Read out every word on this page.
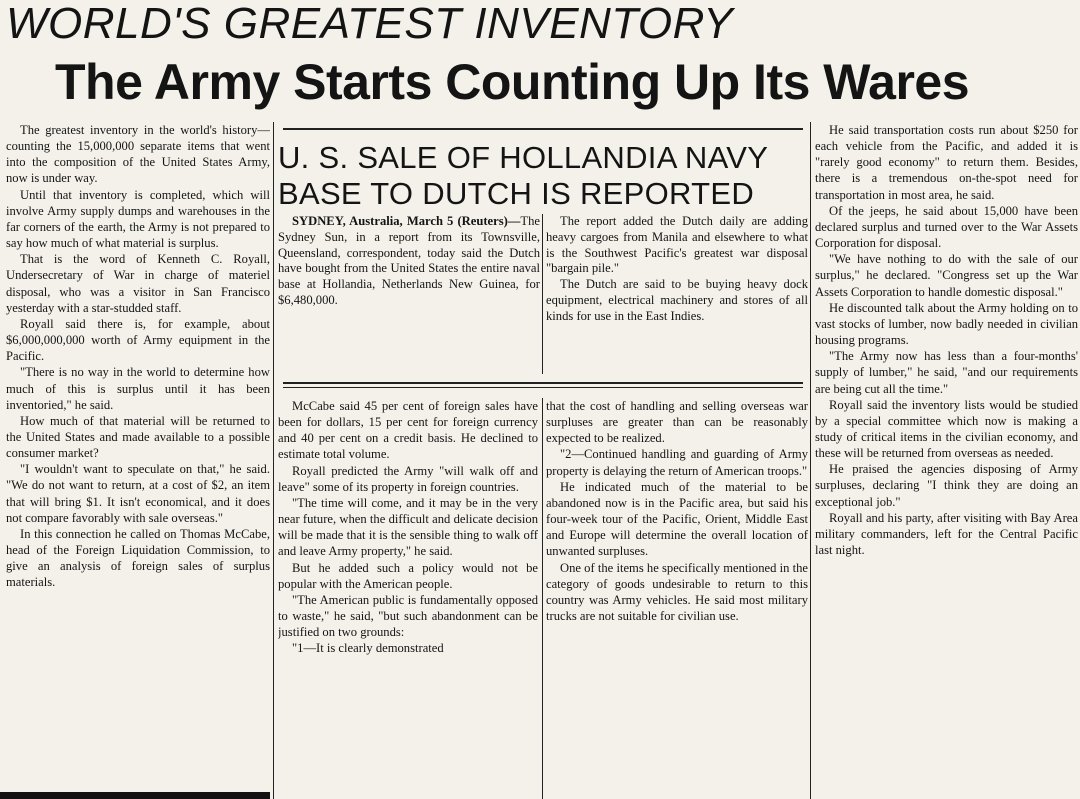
WORLD'S GREATEST INVENTORY
The Army Starts Counting Up Its Wares

The greatest inventory in the world's history—counting the 15,000,000 separate items that went into the composition of the United States Army, now is under way.

Until that inventory is completed, which will involve Army supply dumps and warehouses in the far corners of the earth, the Army is not prepared to say how much of what material is surplus.

That is the word of Kenneth C. Royall, Undersecretary of War in charge of materiel disposal, who was a visitor in San Francisco yesterday with a star-studded staff.

Royall said there is, for example, about $6,000,000,000 worth of Army equipment in the Pacific.

"There is no way in the world to determine how much of this is surplus until it has been inventoried," he said.

How much of that material will be returned to the United States and made available to a possible consumer market?

"I wouldn't want to speculate on that," he said. "We do not want to return, at a cost of $2, an item that will bring $1. It isn't economical, and it does not compare favorably with sale overseas."

In this connection he called on Thomas McCabe, head of the Foreign Liquidation Commission, to give an analysis of foreign sales of surplus materials.

U. S. SALE OF HOLLANDIA NAVY BASE TO DUTCH IS REPORTED

SYDNEY, Australia, March 5 (Reuters)—The Sydney Sun, in a report from its Townsville, Queensland, correspondent, today said the Dutch have bought from the United States the entire naval base at Hollandia, Netherlands New Guinea, for $6,480,000.

The report added the Dutch daily are adding heavy cargoes from Manila and elsewhere to what is the Southwest Pacific's greatest war disposal "bargain pile."

The Dutch are said to be buying heavy dock equipment, electrical machinery and stores of all kinds for use in the East Indies.

McCabe said 45 per cent of foreign sales have been for dollars, 15 per cent for foreign currency and 40 per cent on a credit basis. He declined to estimate total volume.

Royall predicted the Army "will walk off and leave" some of its property in foreign countries.

"The time will come, and it may be in the very near future, when the difficult and delicate decision will be made that it is the sensible thing to walk off and leave Army property," he said.

But he added such a policy would not be popular with the American people.

"The American public is fundamentally opposed to waste," he said, "but such abandonment can be justified on two grounds:

"1—It is clearly demonstrated

that the cost of handling and selling overseas war surpluses are greater than can be reasonably expected to be realized.

"2—Continued handling and guarding of Army property is delaying the return of American troops."

He indicated much of the material to be abandoned now is in the Pacific area, but said his four-week tour of the Pacific, Orient, Middle East and Europe will determine the overall location of unwanted surpluses.

One of the items he specifically mentioned in the category of goods undesirable to return to this country was Army vehicles. He said most military trucks are not suitable for civilian use.

He said transportation costs run about $250 for each vehicle from the Pacific, and added it is "rarely good economy" to return them. Besides, there is a tremendous on-the-spot need for transportation in most area, he said.

Of the jeeps, he said about 15,000 have been declared surplus and turned over to the War Assets Corporation for disposal.

"We have nothing to do with the sale of our surplus," he declared. "Congress set up the War Assets Corporation to handle domestic disposal."

He discounted talk about the Army holding on to vast stocks of lumber, now badly needed in civilian housing programs.

"The Army now has less than a four-months' supply of lumber," he said, "and our requirements are being cut all the time."

Royall said the inventory lists would be studied by a special committee which now is making a study of critical items in the civilian economy, and these will be returned from overseas as needed.

He praised the agencies disposing of Army surpluses, declaring "I think they are doing an exceptional job."

Royall and his party, after visiting with Bay Area military commanders, left for the Central Pacific last night.
